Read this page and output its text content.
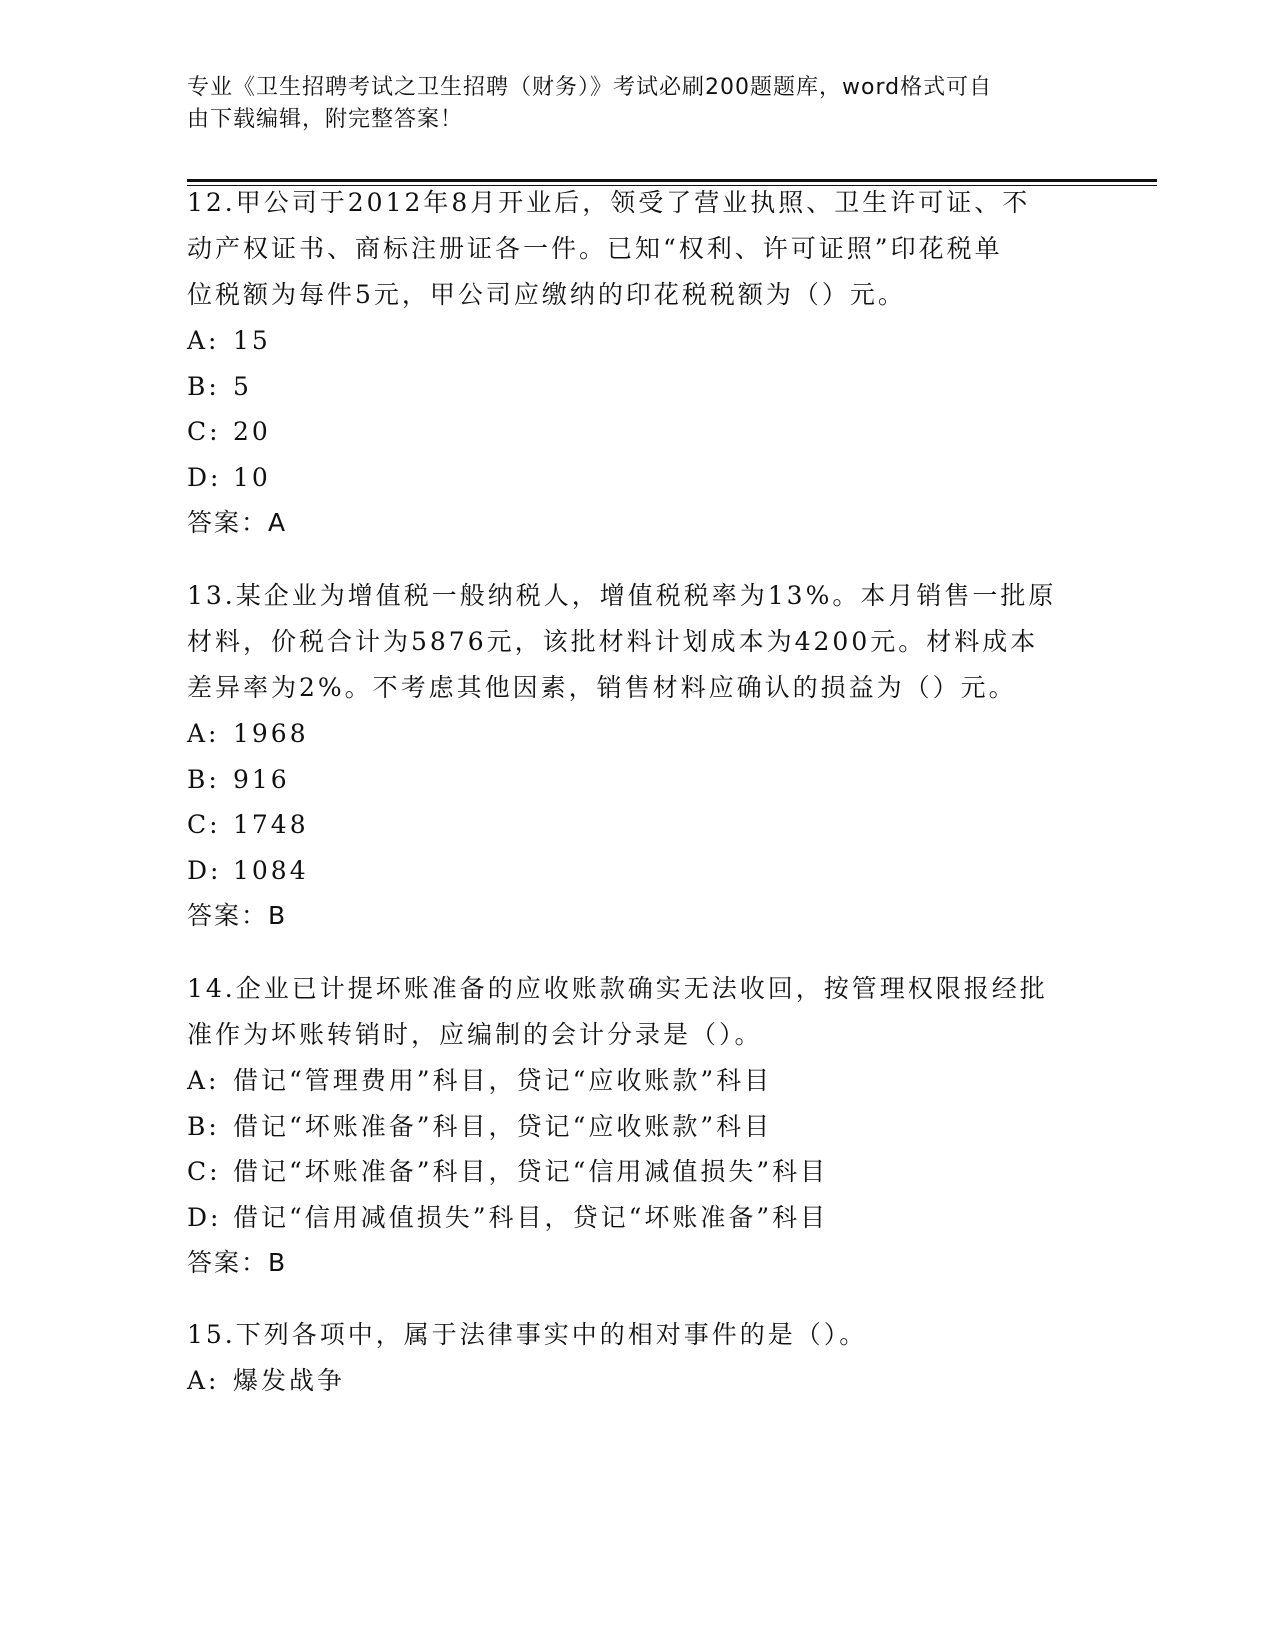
专业《卫生招聘考试之卫生招聘（财务）》考试必刷200题题库，word格式可自
由下载编辑，附完整答案！
12.甲公司于2012年8月开业后，领受了营业执照、卫生许可证、不
动产权证书、商标注册证各一件。已知“权利、许可证照”印花税单
位税额为每件5元，甲公司应缴纳的印花税税额为（）元。
A: 15
B: 5
C: 20
D: 10
答案：A
13.某企业为增值税一般纳税人，增值税税率为13%。本月销售一批原
材料，价税合计为5876元，该批材料计划成本为4200元。材料成本
差异率为2%。不考虑其他因素，销售材料应确认的损益为（）元。
A: 1968
B: 916
C: 1748
D: 1084
答案：B
14.企业已计提坏账准备的应收账款确实无法收回，按管理权限报经批
准作为坏账转销时，应编制的会计分录是（）。
A: 借记“管理费用”科目，贷记“应收账款”科目
B: 借记“坏账准备”科目，贷记“应收账款”科目
C: 借记“坏账准备”科目，贷记“信用减值损失”科目
D: 借记“信用减值损失”科目，贷记“坏账准备”科目
答案：B
15.下列各项中，属于法律事实中的相对事件的是（）。
A: 爆发战争
